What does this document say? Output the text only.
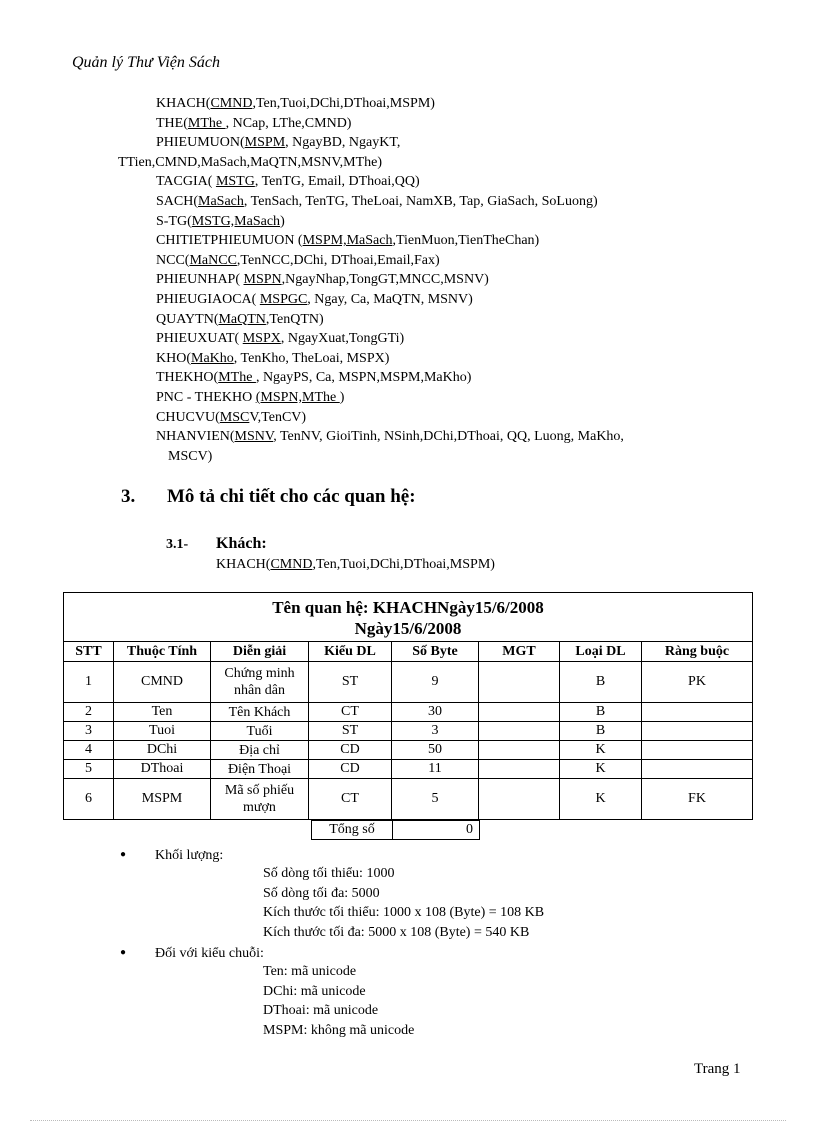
Quản lý Thư Viện Sách
KHACH(CMND,Ten,Tuoi,DChi,DThoai,MSPM)
THE(MThe , NCap, LThe,CMND)
PHIEUMUON(MSPM, NgayBD, NgayKT,
TTien,CMND,MaSach,MaQTN,MSNV,MThe)
TACGIA( MSTG, TenTG, Email, DThoai,QQ)
SACH(MaSach, TenSach, TenTG, TheLoai, NamXB, Tap, GiaSach, SoLuong)
S-TG(MSTG,MaSach)
CHITIETPHIEUMUON (MSPM,MaSach,TienMuon,TienTheChan)
NCC(MaNCC,TenNCC,DChi, DThoai,Email,Fax)
PHIEUNHAP( MSPN,NgayNhap,TongGT,MNCC,MSNV)
PHIEUGIAOCA( MSPGC, Ngay, Ca, MaQTN, MSNV)
QUAYTN(MaQTN,TenQTN)
PHIEUXUAT( MSPX, NgayXuat,TongGTi)
KHO(MaKho, TenKho, TheLoai, MSPX)
THEKHO(MThe , NgayPS, Ca, MSPN,MSPM,MaKho)
PNC - THEKHO (MSPN,MThe )
CHUCVU(MSCV,TenCV)
NHANVIEN(MSNV, TenNV, GioiTinh, NSinh,DChi,DThoai, QQ, Luong, MaKho,
MSCV)
3. Mô tả chi tiết cho các quan hệ:
3.1- Khách:
KHACH(CMND,Ten,Tuoi,DChi,DThoai,MSPM)
Tên quan hệ: KHACHNgày15/6/2008
Ngày15/6/2008							

STT	Thuộc Tính	Diễn giải	Kiểu DL	Số Byte	MGT	Loại DL	Ràng buộc
1	CMND	Chứng minh
nhân dân	ST	9		B	PK
2	Ten	Tên Khách	CT	30		B	
3	Tuoi	Tuổi	ST	3		B	
4	DChi	Địa chỉ	CD	50		K	
5	DThoai	Điện Thoại	CD	11		K	
6	MSPM	Mã số phiếu
mượn	CT	5		K	FK
Tổng số	0
● Khối lượng:
Số dòng tối thiểu: 1000
Số dòng tối đa: 5000
Kích thước tối thiểu: 1000 x 108 (Byte) = 108 KB
Kích thước tối đa: 5000 x 108 (Byte) = 540 KB
● Đối với kiểu chuỗi:
Ten: mã unicode
DChi: mã unicode
DThoai: mã unicode
MSPM: không mã unicode
Trang 1
